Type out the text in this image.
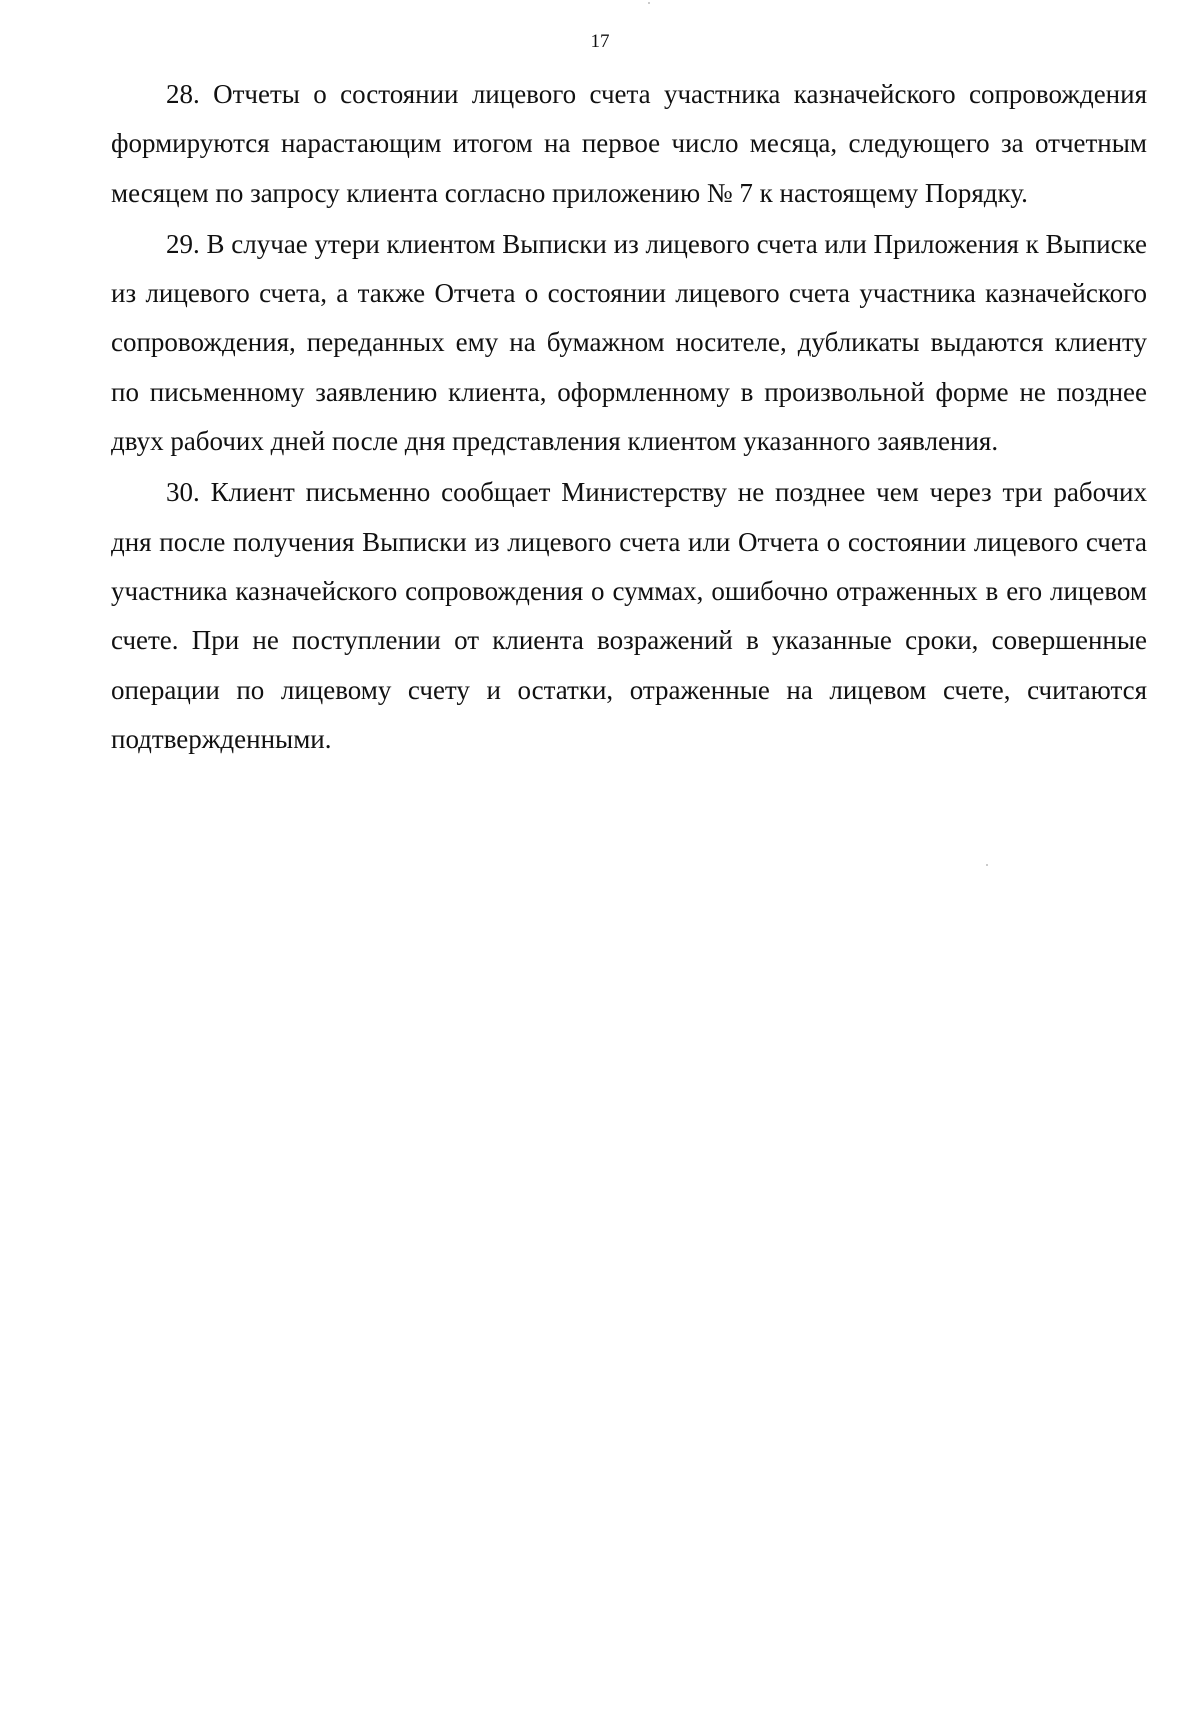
17

28. Отчеты о состоянии лицевого счета участника казначейского сопровождения формируются нарастающим итогом на первое число месяца, следующего за отчетным месяцем по запросу клиента согласно приложению № 7 к настоящему Порядку.

29. В случае утери клиентом Выписки из лицевого счета или Приложения к Выписке из лицевого счета, а также Отчета о состоянии лицевого счета участника казначейского сопровождения, переданных ему на бумажном носителе, дубликаты выдаются клиенту по письменному заявлению клиента, оформленному в произвольной форме не позднее двух рабочих дней после дня представления клиентом указанного заявления.

30. Клиент письменно сообщает Министерству не позднее чем через три рабочих дня после получения Выписки из лицевого счета или Отчета о состоянии лицевого счета участника казначейского сопровождения о суммах, ошибочно отраженных в его лицевом счете. При не поступлении от клиента возражений в указанные сроки, совершенные операции по лицевому счету и остатки, отраженные на лицевом счете, считаются подтвержденными.
